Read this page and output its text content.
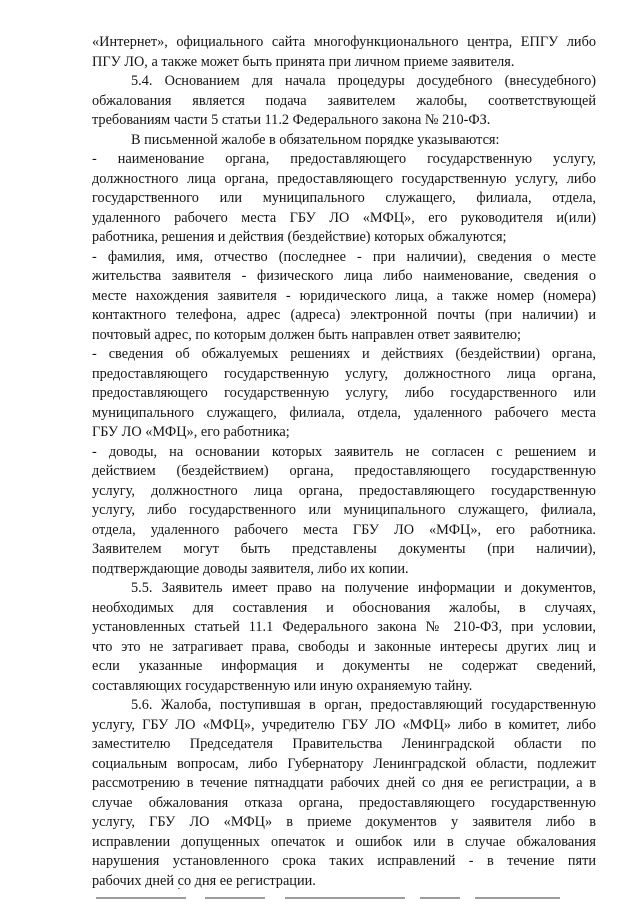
«Интернет», официального сайта многофункционального центра, ЕПГУ либо
ПГУ ЛО, а также может быть принята при личном приеме заявителя.
5.4. Основанием для начала процедуры досудебного (внесудебного)
обжалования является подача заявителем жалобы, соответствующей
требованиям части 5 статьи 11.2 Федерального закона № 210-ФЗ.
В письменной жалобе в обязательном порядке указываются:
- наименование органа, предоставляющего государственную услугу,
должностного лица органа, предоставляющего государственную услугу, либо
государственного или муниципального служащего, филиала, отдела,
удаленного рабочего места ГБУ ЛО «МФЦ», его руководителя и(или)
работника, решения и действия (бездействие) которых обжалуются;
- фамилия, имя, отчество (последнее - при наличии), сведения о месте
жительства заявителя - физического лица либо наименование, сведения о
месте нахождения заявителя - юридического лица, а также номер (номера)
контактного телефона, адрес (адреса) электронной почты (при наличии) и
почтовый адрес, по которым должен быть направлен ответ заявителю;
- сведения об обжалуемых решениях и действиях (бездействии) органа,
предоставляющего государственную услугу, должностного лица органа,
предоставляющего государственную услугу, либо государственного или
муниципального служащего, филиала, отдела, удаленного рабочего места
ГБУ ЛО «МФЦ», его работника;
- доводы, на основании которых заявитель не согласен с решением и
действием (бездействием) органа, предоставляющего государственную
услугу, должностного лица органа, предоставляющего государственную
услугу, либо государственного или муниципального служащего, филиала,
отдела, удаленного рабочего места ГБУ ЛО «МФЦ», его работника.
Заявителем могут быть представлены документы (при наличии),
подтверждающие доводы заявителя, либо их копии.
5.5. Заявитель имеет право на получение информации и документов,
необходимых для составления и обоснования жалобы, в случаях,
установленных статьей 11.1 Федерального закона № 210-ФЗ, при условии,
что это не затрагивает права, свободы и законные интересы других лиц и
если указанные информация и документы не содержат сведений,
составляющих государственную или иную охраняемую тайну.
5.6. Жалоба, поступившая в орган, предоставляющий государственную
услугу, ГБУ ЛО «МФЦ», учредителю ГБУ ЛО «МФЦ» либо в комитет, либо
заместителю Председателя Правительства Ленинградской области по
социальным вопросам, либо Губернатору Ленинградской области, подлежит
рассмотрению в течение пятнадцати рабочих дней со дня ее регистрации, а в
случае обжалования отказа органа, предоставляющего государственную
услугу, ГБУ ЛО «МФЦ» в приеме документов у заявителя либо в
исправлении допущенных опечаток и ошибок или в случае обжалования
нарушения установленного срока таких исправлений - в течение пяти
рабочих дней со дня ее регистрации.
